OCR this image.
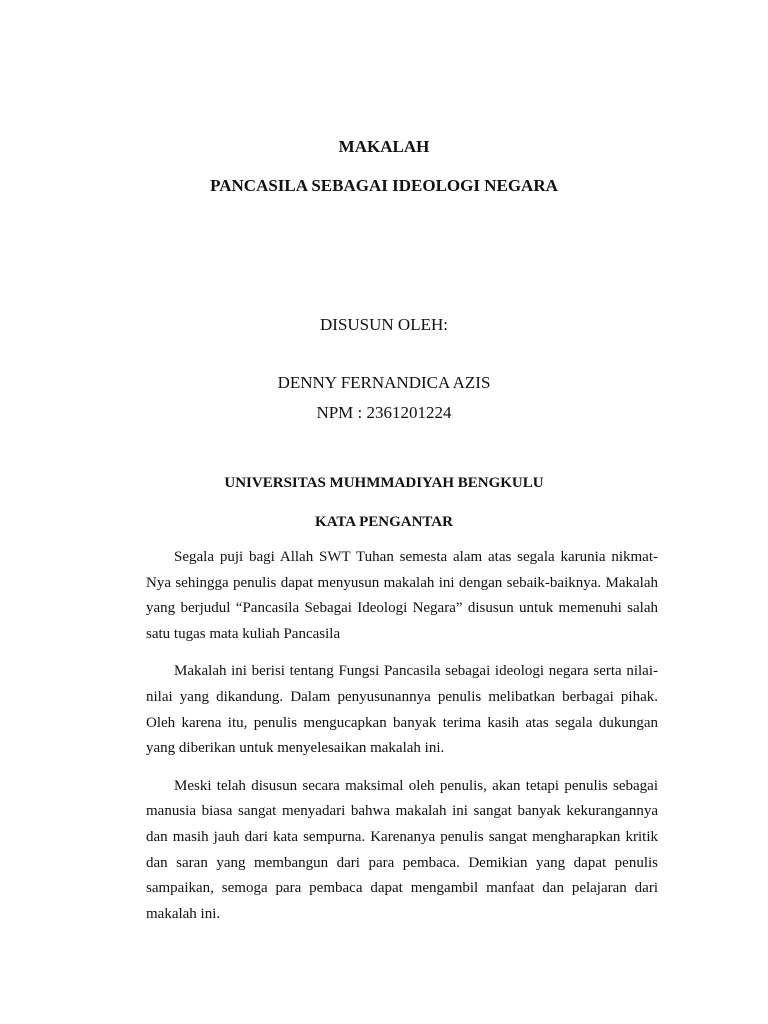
MAKALAH
PANCASILA SEBAGAI IDEOLOGI NEGARA
DISUSUN OLEH:
DENNY FERNANDICA AZIS
NPM : 2361201224
UNIVERSITAS MUHMMADIYAH BENGKULU
KATA PENGANTAR

Segala puji bagi Allah SWT Tuhan semesta alam atas segala karunia nikmat-Nya sehingga penulis dapat menyusun makalah ini dengan sebaik-baiknya. Makalah yang berjudul “Pancasila Sebagai Ideologi Negara” disusun untuk memenuhi salah satu tugas mata kuliah Pancasila

Makalah ini berisi tentang Fungsi Pancasila sebagai ideologi negara serta nilai-nilai yang dikandung. Dalam penyusunannya penulis melibatkan berbagai pihak. Oleh karena itu, penulis mengucapkan banyak terima kasih atas segala dukungan yang diberikan untuk menyelesaikan makalah ini.

Meski telah disusun secara maksimal oleh penulis, akan tetapi penulis sebagai manusia biasa sangat menyadari bahwa makalah ini sangat banyak kekurangannya dan masih jauh dari kata sempurna. Karenanya penulis sangat mengharapkan kritik dan saran yang membangun dari para pembaca. Demikian yang dapat penulis sampaikan, semoga para pembaca dapat mengambil manfaat dan pelajaran dari makalah ini.
